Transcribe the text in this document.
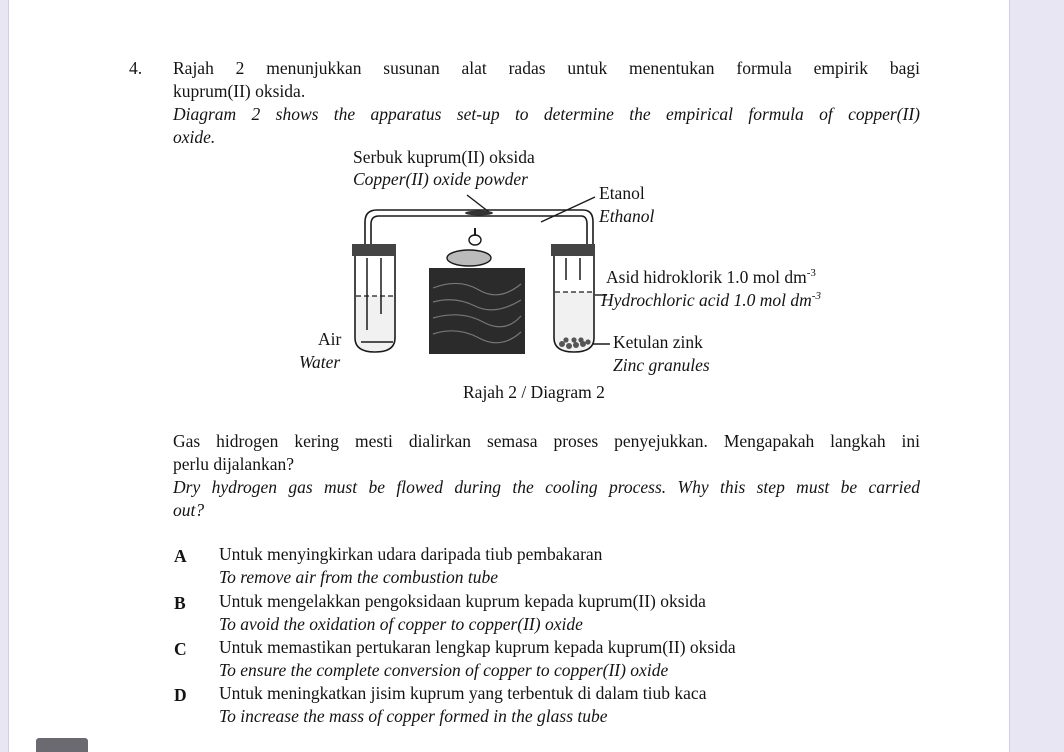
4. Rajah 2 menunjukkan susunan alat radas untuk menentukan formula empirik bagi
kuprum(II) oksida.
Diagram 2 shows the apparatus set-up to determine the empirical formula of copper(II)
oxide.
Serbuk kuprum(II) oksida
Copper(II) oxide powder
Etanol
Ethanol
Asid hidroklorik 1.0 mol $dm^{-3}$
Hydrochloric acid 1.0 mol $dm^{-3}$
Ketulan zink
Zinc granules
Air
Water
Rajah 2 / Diagram 2
Gas hidrogen kering mesti dialirkan semasa proses penyejukkan. Mengapakah langkah ini
perlu dijalankan?
Dry hydrogen gas must be flowed during the cooling process. Why this step must be carried
out?
A Untuk menyingkirkan udara daripada tiub pembakaran
To remove air from the combustion tube
B Untuk mengelakkan pengoksidaan kuprum kepada kuprum(II) oksida
To avoid the oxidation of copper to copper(II) oxide
C Untuk memastikan pertukaran lengkap kuprum kepada kuprum(II) oksida
To ensure the complete conversion of copper to copper(II) oxide
D Untuk meningkatkan jisim kuprum yang terbentuk di dalam tiub kaca
To increase the mass of copper formed in the glass tube
